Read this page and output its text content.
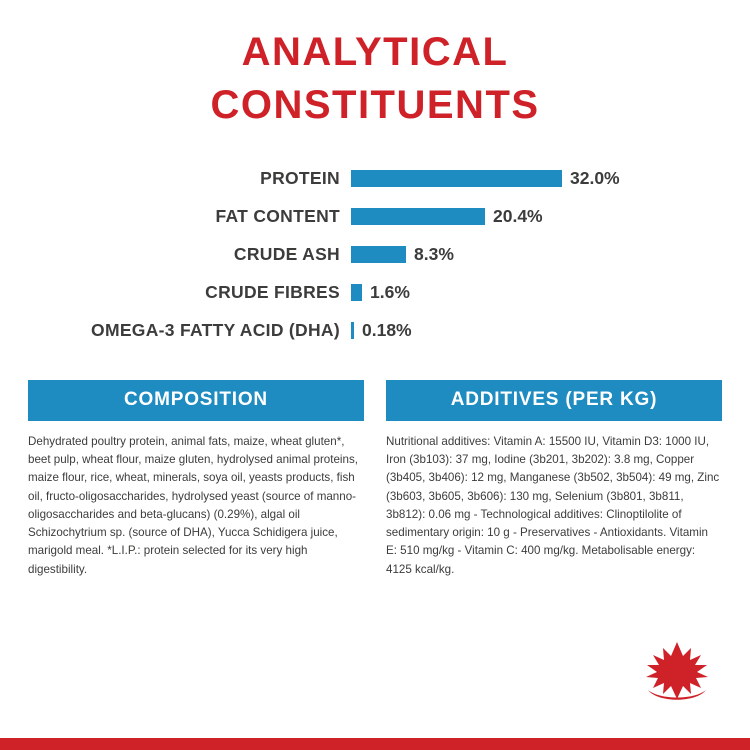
ANALYTICAL
CONSTITUENTS
PROTEIN	32.0%
FAT CONTENT	20.4%
CRUDE ASH	8.3%
CRUDE FIBRES	1.6%
OMEGA-3 FATTY ACID (DHA)	0.18%
COMPOSITION
Dehydrated poultry protein, animal fats, maize, wheat gluten*, beet pulp, wheat flour, maize gluten, hydrolysed animal proteins, maize flour, rice, wheat, minerals, soya oil, yeasts products, fish oil, fructo-oligosaccharides, hydrolysed yeast (source of manno-oligosaccharides and beta-glucans) (0.29%), algal oil Schizochytrium sp. (source of DHA), Yucca Schidigera juice, marigold meal. *L.I.P.: protein selected for its very high digestibility.
ADDITIVES (PER KG)
Nutritional additives: Vitamin A: 15500 IU, Vitamin D3: 1000 IU, Iron (3b103): 37 mg, Iodine (3b201, 3b202): 3.8 mg, Copper (3b405, 3b406): 12 mg, Manganese (3b502, 3b504): 49 mg, Zinc (3b603, 3b605, 3b606): 130 mg, Selenium (3b801, 3b811, 3b812): 0.06 mg - Technological additives: Clinoptilolite of sedimentary origin: 10 g - Preservatives - Antioxidants. Vitamin E: 510 mg/kg - Vitamin C: 400 mg/kg. Metabolisable energy: 4125 kcal/kg.
